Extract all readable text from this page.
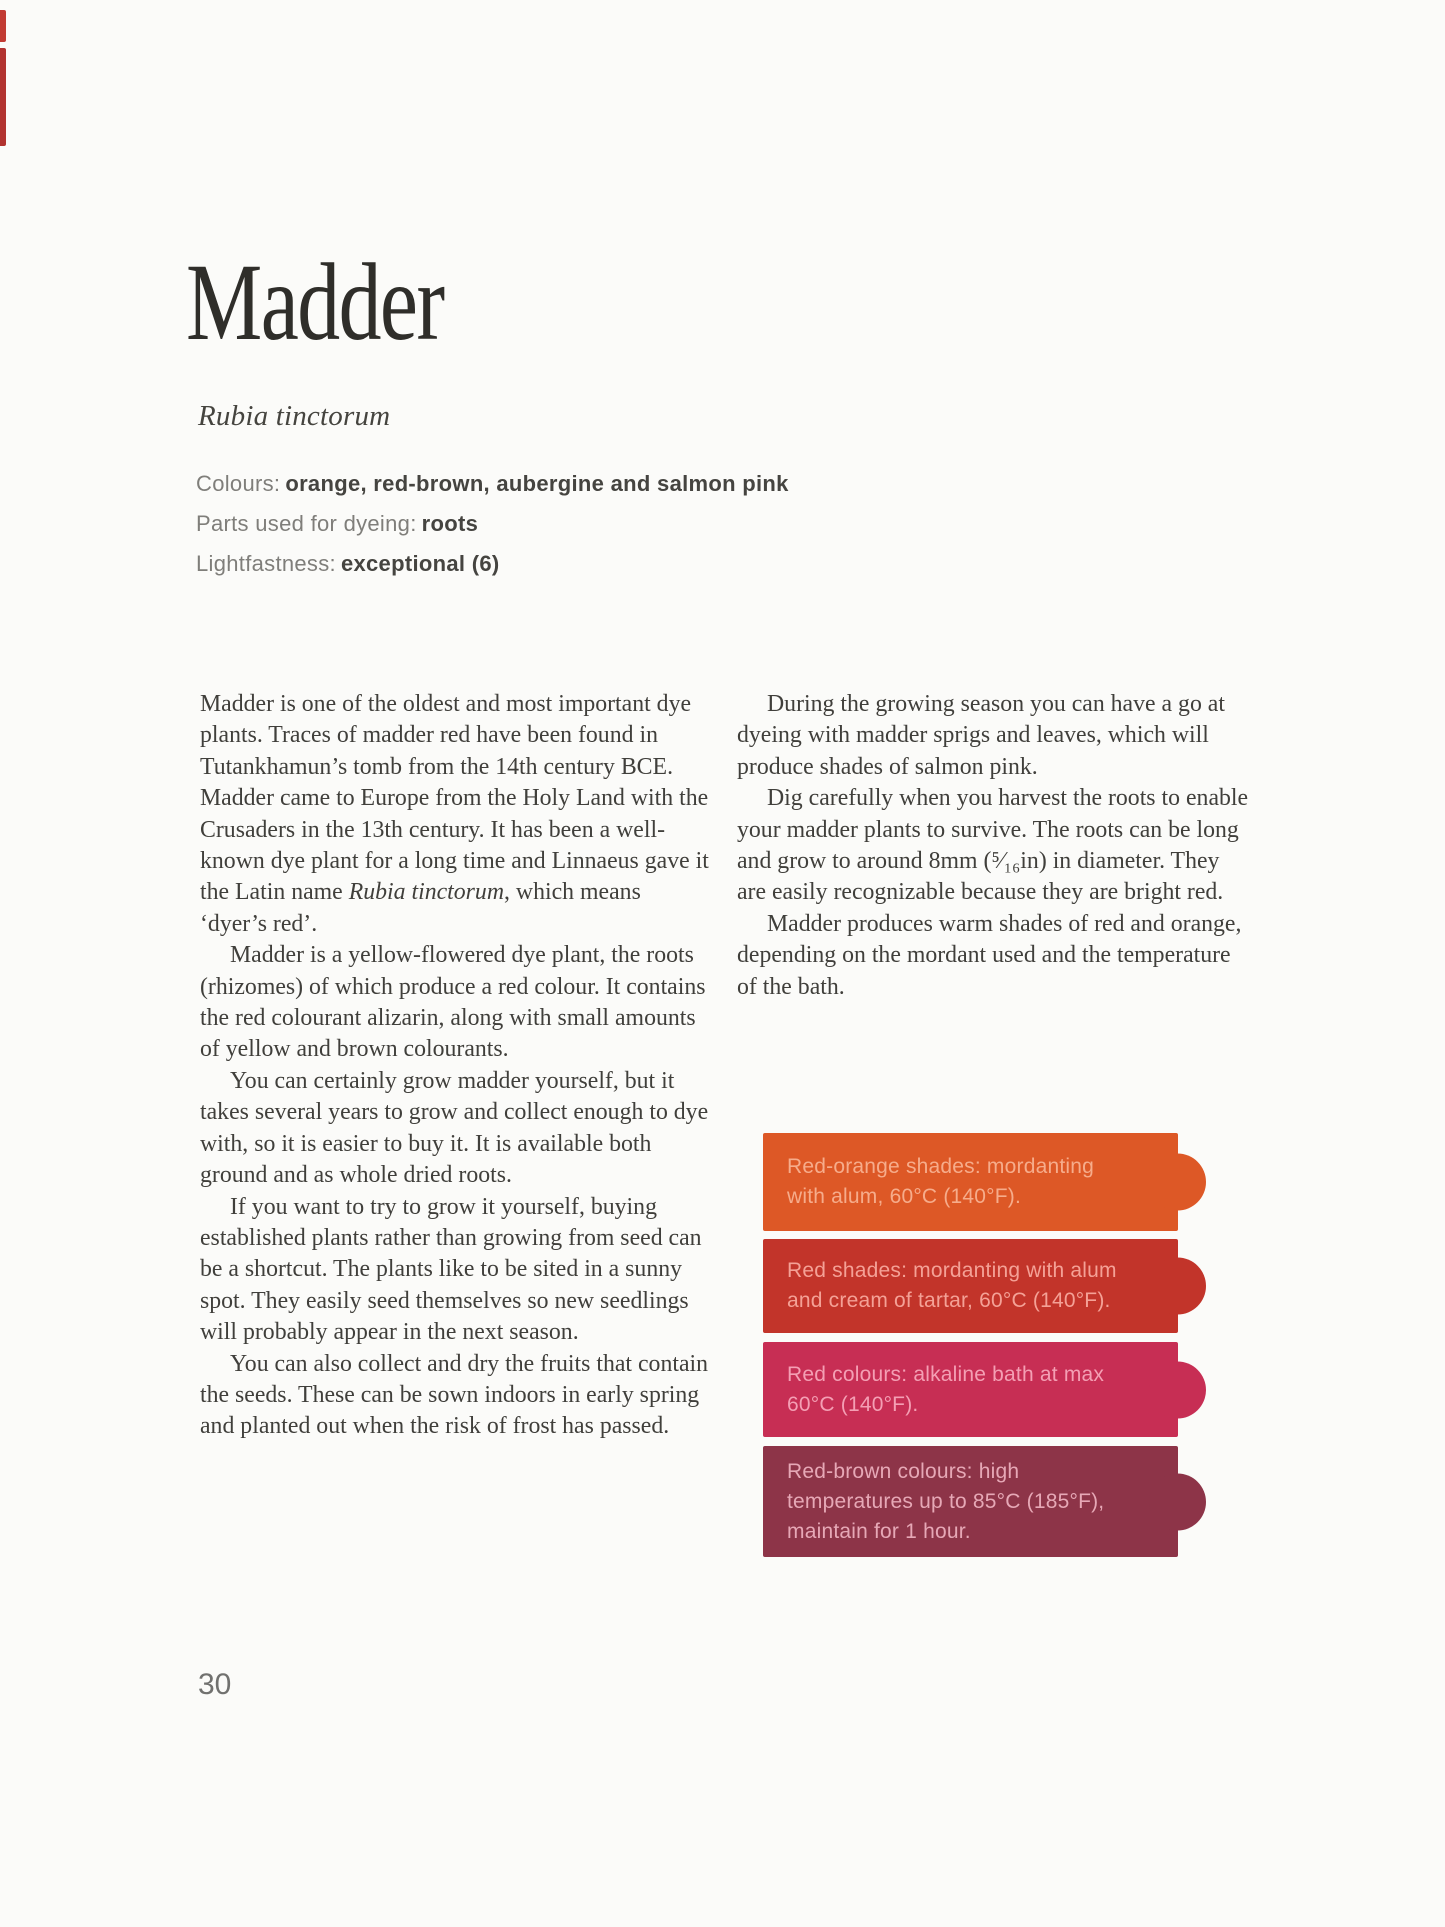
Madder
Rubia tinctorum
Colours: orange, red-brown, aubergine and salmon pink
Parts used for dyeing: roots
Lightfastness: exceptional (6)

Madder is one of the oldest and most important dye plants. Traces of madder red have been found in Tutankhamun’s tomb from the 14th century BCE. Madder came to Europe from the Holy Land with the Crusaders in the 13th century. It has been a well-known dye plant for a long time and Linnaeus gave it the Latin name Rubia tinctorum, which means ‘dyer’s red’.

Madder is a yellow-flowered dye plant, the roots (rhizomes) of which produce a red colour. It contains the red colourant alizarin, along with small amounts of yellow and brown colourants.

You can certainly grow madder yourself, but it takes several years to grow and collect enough to dye with, so it is easier to buy it. It is available both ground and as whole dried roots.

If you want to try to grow it yourself, buying established plants rather than growing from seed can be a shortcut. The plants like to be sited in a sunny spot. They easily seed themselves so new seedlings will probably appear in the next season.

You can also collect and dry the fruits that contain the seeds. These can be sown indoors in early spring and planted out when the risk of frost has passed.

During the growing season you can have a go at dyeing with madder sprigs and leaves, which will produce shades of salmon pink.

Dig carefully when you harvest the roots to enable your madder plants to survive. The roots can be long and grow to around 8mm (⁵⁄₁₆in) in diameter. They are easily recognizable because they are bright red.

Madder produces warm shades of red and orange, depending on the mordant used and the temperature of the bath.

Red-orange shades: mordanting with alum, 60°C (140°F).
Red shades: mordanting with alum and cream of tartar, 60°C (140°F).
Red colours: alkaline bath at max 60°C (140°F).
Red-brown colours: high temperatures up to 85°C (185°F), maintain for 1 hour.
30
